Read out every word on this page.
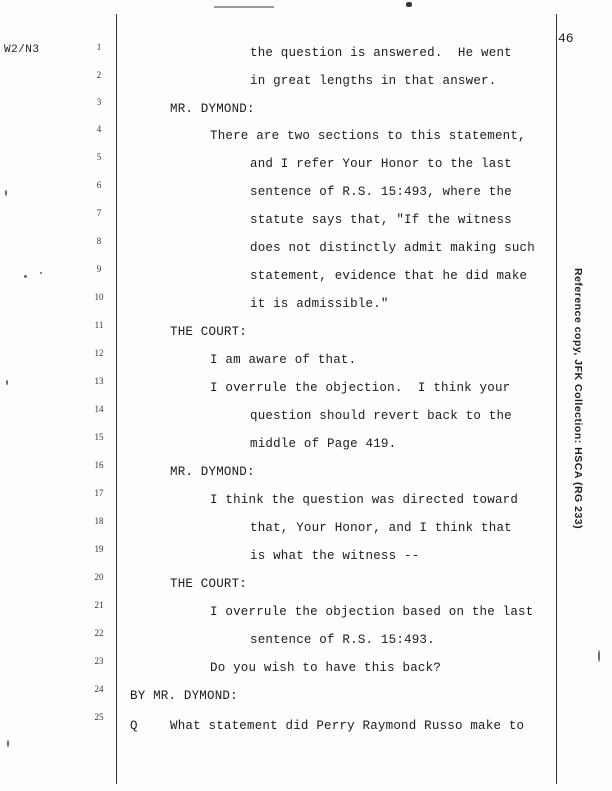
W2/N3
46
1
2
3
4
5
6
7
8
9
10
11
12
13
14
15
16
17
18
19
20
21
22
23
24
25
the question is answered.  He went
in great lengths in that answer.
MR. DYMOND:
There are two sections to this statement,
and I refer Your Honor to the last
sentence of R.S. 15:493, where the
statute says that, "If the witness
does not distinctly admit making such
statement, evidence that he did make
it is admissible."
THE COURT:
I am aware of that.
I overrule the objection.  I think your
question should revert back to the
middle of Page 419.
MR. DYMOND:
I think the question was directed toward
that, Your Honor, and I think that
is what the witness --
THE COURT:
I overrule the objection based on the last
sentence of R.S. 15:493.
Do you wish to have this back?
BY MR. DYMOND:
Q	What statement did Perry Raymond Russo make to
Reference copy, JFK Collection: HSCA (RG 233)
